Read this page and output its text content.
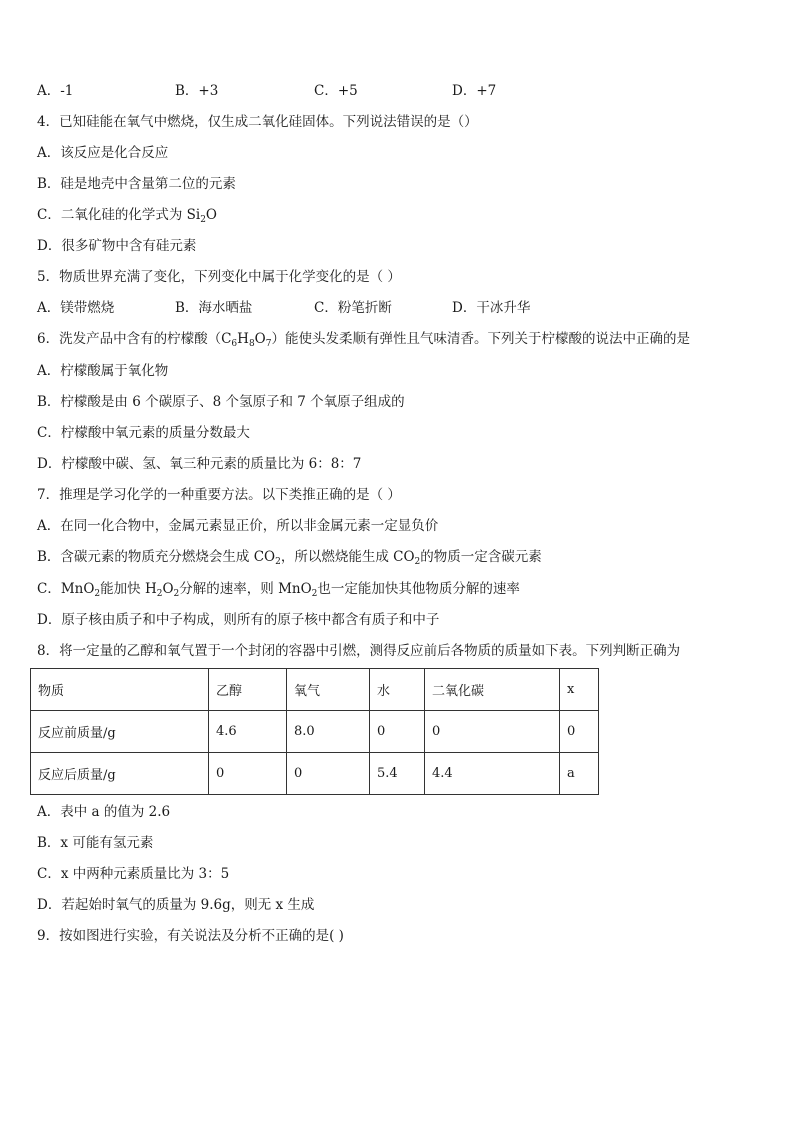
A．-1	B．+3	C．+5	D．+7
4．已知硅能在氧气中燃烧，仅生成二氧化硅固体。下列说法错误的是（）
A．该反应是化合反应
B．硅是地壳中含量第二位的元素
C．二氧化硅的化学式为 $Si_2O$
D．很多矿物中含有硅元素
5．物质世界充满了变化，下列变化中属于化学变化的是（ ）
A．镁带燃烧	B．海水晒盐	C．粉笔折断	D．干冰升华
6．洗发产品中含有的柠檬酸$(C_6H_8O_7)$能使头发柔顺有弹性且气味清香。下列关于柠檬酸的说法中正确的是
A．柠檬酸属于氧化物
B．柠檬酸是由 6 个碳原子、8 个氢原子和 7 个氧原子组成的
C．柠檬酸中氧元素的质量分数最大
D．柠檬酸中碳、氢、氧三种元素的质量比为 6：8：7
7．推理是学习化学的一种重要方法。以下类推正确的是（ ）
A．在同一化合物中，金属元素显正价，所以非金属元素一定显负价
B．含碳元素的物质充分燃烧会生成 $CO_2$，所以燃烧能生成 $CO_2$的物质一定含碳元素
C．MnO$_2$能加快 $H_2O_2$分解的速率，则 MnO$_2$也一定能加快其他物质分解的速率
D．原子核由质子和中子构成，则所有的原子核中都含有质子和中子
8．将一定量的乙醇和氧气置于一个封闭的容器中引燃，测得反应前后各物质的质量如下表。下列判断正确为
物质	乙醇	氧气	水	二氧化碳	x
反应前质量/g	4.6	8.0	0	0	0
反应后质量/g	0	0	5.4	4.4	a
A．表中 a 的值为 2.6
B．x 可能有氢元素
C．x 中两种元素质量比为 3：5
D．若起始时氧气的质量为 9.6g，则无 x 生成
9．按如图进行实验，有关说法及分析不正确的是( )
